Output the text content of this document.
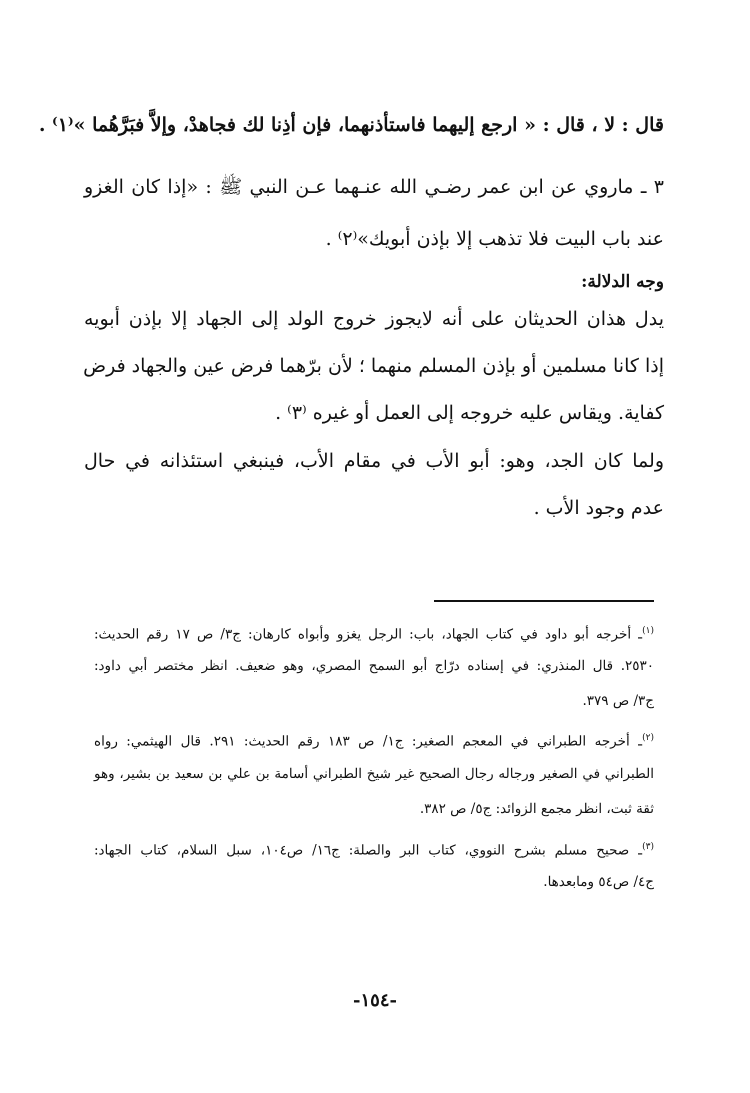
قال : لا ، قال : « ارجع إليهما فاستأذنهما، فإن أذِنا لك فجاهدْ، وإلاَّ فبَرَّهُما »⁽١⁾ .
٣ ـ ماروي عن ابن عمر رضـي الله عنـهما عـن النبي ﷺ : «إذا كان الغزو
عند باب البيت فلا تذهب إلا بإذن أبويك»⁽٢⁾ .
وجه الدلالة:
يدل هذان الحديثان على أنه لايجوز خروج الولد إلى الجهاد إلا بإذن أبويه
إذا كانا مسلمين أو بإذن المسلم منهما ؛ لأن برّهما فرض عين والجهاد فرض
كفاية. ويقاس عليه خروجه إلى العمل أو غيره ⁽٣⁾ .
ولما كان الجد، وهو: أبو الأب في مقام الأب، فينبغي استئذانه في حال
عدم وجود الأب .
$^{(١)}$ـ أخرجه أبو داود في كتاب الجهاد، باب: الرجل يغزو وأبواه كارهان: ج٣/ ص ١٧ رقم الحديث:
٢٥٣٠. قال المنذري: في إسناده درّاج أبو السمح المصري، وهو ضعيف. انظر مختصر أبي داود:
ج٣/ ص ٣٧٩.
$^{(٢)}$ـ أخرجه الطبراني في المعجم الصغير: ج١/ ص ١٨٣ رقم الحديث: ٢٩١. قال الهيثمي: رواه
الطبراني في الصغير ورجاله رجال الصحيح غير شيخ الطبراني أسامة بن علي بن سعيد بن بشير، وهو
ثقة ثبت، انظر مجمع الزوائد: ج٥/ ص ٣٨٢.
$^{(٣)}$ـ صحيح مسلم بشرح النووي، كتاب البر والصلة: ج١٦/ ص١٠٤، سبل السلام، كتاب الجهاد:
ج٤/ ص٥٤ ومابعدها.
-١٥٤-
